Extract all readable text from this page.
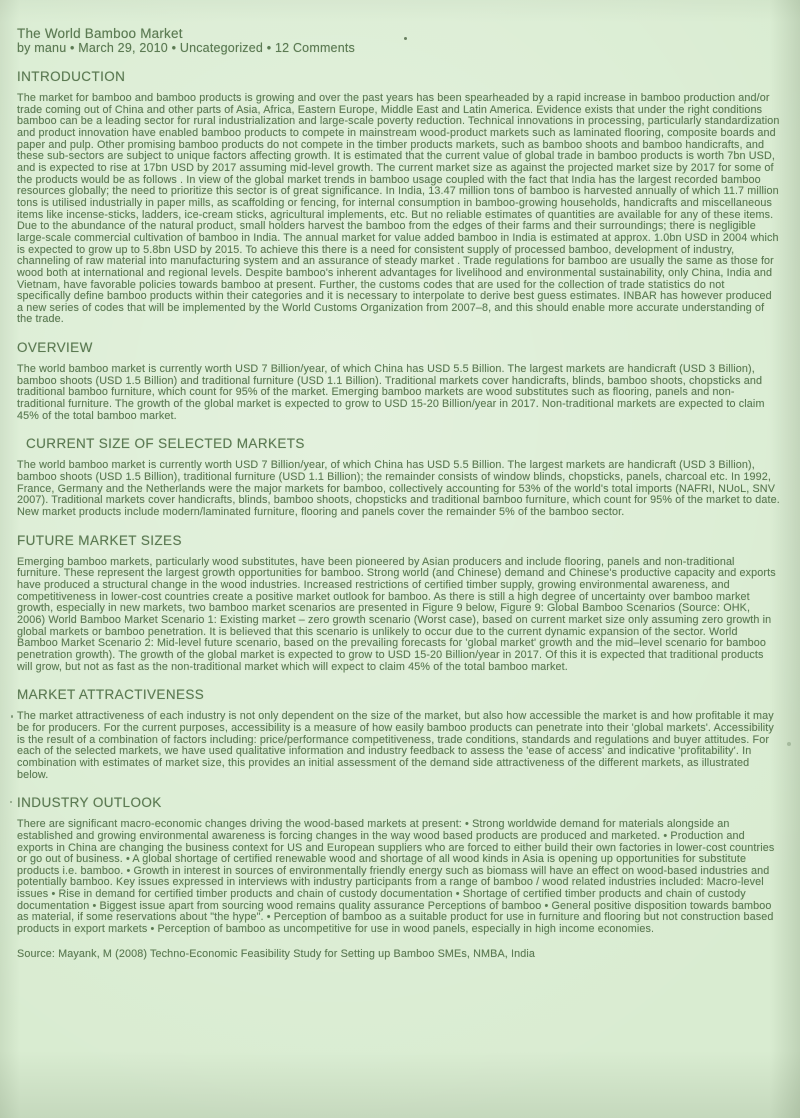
The World Bamboo Market
by manu • March 29, 2010 • Uncategorized • 12 Comments
INTRODUCTION

The market for bamboo and bamboo products is growing and over the past years has been spearheaded by a rapid increase in bamboo production and/or trade coming out of China and other parts of Asia, Africa, Eastern Europe, Middle East and Latin America. Evidence exists that under the right conditions bamboo can be a leading sector for rural industrialization and large-scale poverty reduction. Technical innovations in processing, particularly standardization and product innovation have enabled bamboo products to compete in mainstream wood-product markets such as laminated flooring, composite boards and paper and pulp. Other promising bamboo products do not compete in the timber products markets, such as bamboo shoots and bamboo handicrafts, and these sub-sectors are subject to unique factors affecting growth. It is estimated that the current value of global trade in bamboo products is worth 7bn USD, and is expected to rise at 17bn USD by 2017 assuming mid-level growth. The current market size as against the projected market size by 2017 for some of the products would be as follows . In view of the global market trends in bamboo usage coupled with the fact that India has the largest recorded bamboo resources globally; the need to prioritize this sector is of great significance. In India, 13.47 million tons of bamboo is harvested annually of which 11.7 million tons is utilised industrially in paper mills, as scaffolding or fencing, for internal consumption in bamboo-growing households, handicrafts and miscellaneous items like incense-sticks, ladders, ice-cream sticks, agricultural implements, etc. But no reliable estimates of quantities are available for any of these items. Due to the abundance of the natural product, small holders harvest the bamboo from the edges of their farms and their surroundings; there is negligible large-scale commercial cultivation of bamboo in India. The annual market for value added bamboo in India is estimated at approx. 1.0bn USD in 2004 which is expected to grow up to 5.8bn USD by 2015. To achieve this there is a need for consistent supply of processed bamboo, development of industry, channeling of raw material into manufacturing system and an assurance of steady market . Trade regulations for bamboo are usually the same as those for wood both at international and regional levels. Despite bamboo's inherent advantages for livelihood and environmental sustainability, only China, India and Vietnam, have favorable policies towards bamboo at present. Further, the customs codes that are used for the collection of trade statistics do not specifically define bamboo products within their categories and it is necessary to interpolate to derive best guess estimates. INBAR has however produced a new series of codes that will be implemented by the World Customs Organization from 2007–8, and this should enable more accurate understanding of the trade.

OVERVIEW

The world bamboo market is currently worth USD 7 Billion/year, of which China has USD 5.5 Billion. The largest markets are handicraft (USD 3 Billion), bamboo shoots (USD 1.5 Billion) and traditional furniture (USD 1.1 Billion). Traditional markets cover handicrafts, blinds, bamboo shoots, chopsticks and traditional bamboo furniture, which count for 95% of the market. Emerging bamboo markets are wood substitutes such as flooring, panels and non-traditional furniture. The growth of the global market is expected to grow to USD 15-20 Billion/year in 2017. Non-traditional markets are expected to claim 45% of the total bamboo market.

CURRENT SIZE OF SELECTED MARKETS

The world bamboo market is currently worth USD 7 Billion/year, of which China has USD 5.5 Billion. The largest markets are handicraft (USD 3 Billion), bamboo shoots (USD 1.5 Billion), traditional furniture (USD 1.1 Billion); the remainder consists of window blinds, chopsticks, panels, charcoal etc. In 1992, France, Germany and the Netherlands were the major markets for bamboo, collectively accounting for 53% of the world's total imports (NAFRI, NUoL, SNV 2007). Traditional markets cover handicrafts, blinds, bamboo shoots, chopsticks and traditional bamboo furniture, which count for 95% of the market to date. New market products include modern/laminated furniture, flooring and panels cover the remainder 5% of the bamboo sector.

FUTURE MARKET SIZES

Emerging bamboo markets, particularly wood substitutes, have been pioneered by Asian producers and include flooring, panels and non-traditional furniture. These represent the largest growth opportunities for bamboo. Strong world (and Chinese) demand and Chinese's productive capacity and exports have produced a structural change in the wood industries. Increased restrictions of certified timber supply, growing environmental awareness, and competitiveness in lower-cost countries create a positive market outlook for bamboo. As there is still a high degree of uncertainty over bamboo market growth, especially in new markets, two bamboo market scenarios are presented in Figure 9 below, Figure 9: Global Bamboo Scenarios (Source: OHK, 2006) World Bamboo Market Scenario 1: Existing market – zero growth scenario (Worst case), based on current market size only assuming zero growth in global markets or bamboo penetration. It is believed that this scenario is unlikely to occur due to the current dynamic expansion of the sector. World Bamboo Market Scenario 2: Mid-level future scenario, based on the prevailing forecasts for 'global market' growth and the mid–level scenario for bamboo penetration growth). The growth of the global market is expected to grow to USD 15-20 Billion/year in 2017. Of this it is expected that traditional products will grow, but not as fast as the non-traditional market which will expect to claim 45% of the total bamboo market.

MARKET ATTRACTIVENESS

The market attractiveness of each industry is not only dependent on the size of the market, but also how accessible the market is and how profitable it may be for producers. For the current purposes, accessibility is a measure of how easily bamboo products can penetrate into their 'global markets'. Accessibility is the result of a combination of factors including: price/performance competitiveness, trade conditions, standards and regulations and buyer attitudes. For each of the selected markets, we have used qualitative information and industry feedback to assess the 'ease of access' and indicative 'profitability'. In combination with estimates of market size, this provides an initial assessment of the demand side attractiveness of the different markets, as illustrated below.

INDUSTRY OUTLOOK

There are significant macro-economic changes driving the wood-based markets at present: • Strong worldwide demand for materials alongside an established and growing environmental awareness is forcing changes in the way wood based products are produced and marketed. • Production and exports in China are changing the business context for US and European suppliers who are forced to either build their own factories in lower-cost countries or go out of business. • A global shortage of certified renewable wood and shortage of all wood kinds in Asia is opening up opportunities for substitute products i.e. bamboo. • Growth in interest in sources of environmentally friendly energy such as biomass will have an effect on wood-based industries and potentially bamboo. Key issues expressed in interviews with industry participants from a range of bamboo / wood related industries included: Macro-level issues • Rise in demand for certified timber products and chain of custody documentation • Shortage of certified timber products and chain of custody documentation • Biggest issue apart from sourcing wood remains quality assurance Perceptions of bamboo • General positive disposition towards bamboo as material, if some reservations about "the hype". • Perception of bamboo as a suitable product for use in furniture and flooring but not construction based products in export markets • Perception of bamboo as uncompetitive for use in wood panels, especially in high income economies.

Source: Mayank, M (2008) Techno-Economic Feasibility Study for Setting up Bamboo SMEs, NMBA, India
